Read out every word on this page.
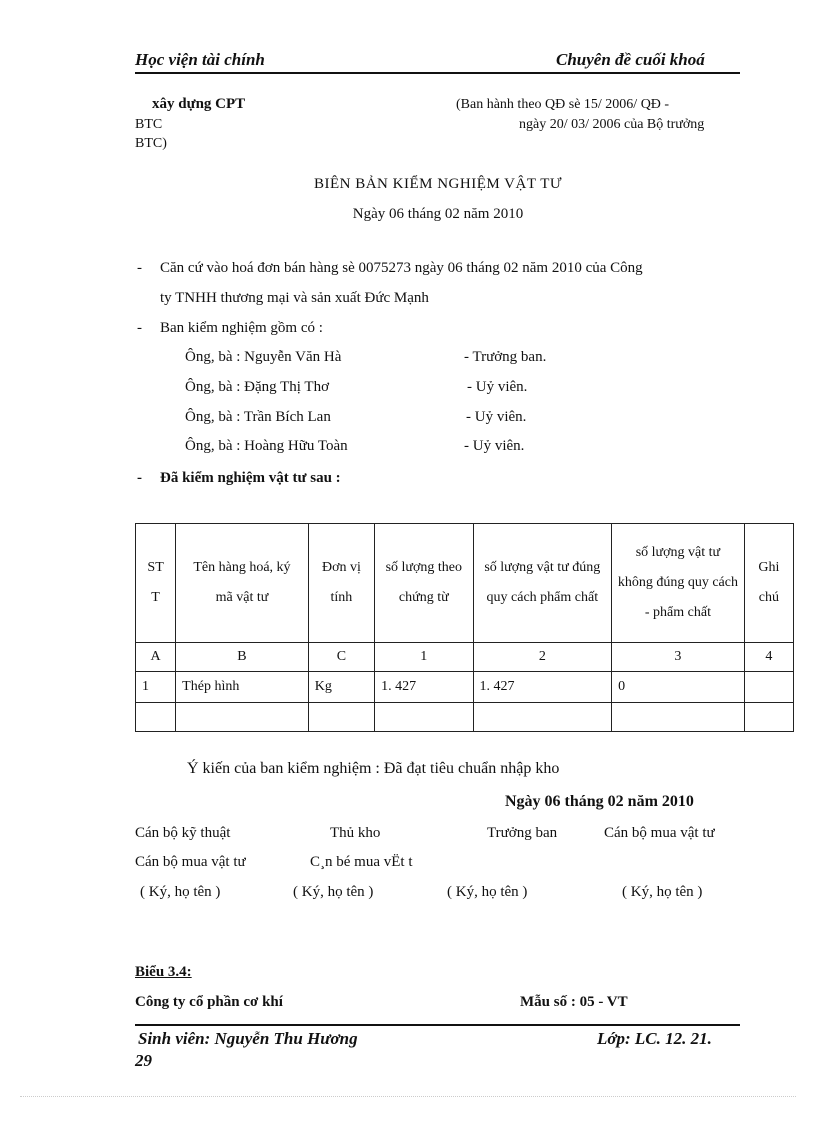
Học viện tài chính	Chuyên đề cuối khoá
xây dựng CPT
BTC
BTC)
(Ban hành theo QĐ sè 15/ 2006/ QĐ -
ngày 20/ 03/ 2006 của Bộ trưởng
BIÊN BẢN KIỂM NGHIỆM VẬT TƯ
Ngày 06 tháng 02 năm 2010
- Căn cứ vào hoá đơn bán hàng sè 0075273 ngày 06 tháng 02 năm 2010 của Công
ty TNHH thương mại và sản xuất Đức Mạnh
- Ban kiểm nghiệm gồm có :
Ông, bà : Nguyễn Văn Hà	- Trưởng ban.
Ông, bà : Đặng Thị Thơ	- Uỷ viên.
Ông, bà : Trần Bích Lan	- Uỷ viên.
Ông, bà : Hoàng Hữu Toàn	- Uỷ viên.
- Đã kiểm nghiệm vật tư sau :
ST T	Tên hàng hoá, ký mã vật tư	Đơn vị tính	số lượng theo chứng từ	số lượng vật tư đúng quy cách phẩm chất	số lượng vật tư không đúng quy cách - phẩm chất	Ghi chú
A	B	C	1	2	3	4
1	Thép hình	Kg	1. 427	1. 427	0	

Ý kiến của ban kiểm nghiệm : Đã đạt tiêu chuẩn nhập kho
Ngày 06 tháng 02 năm 2010
Cán bộ kỹ thuật	Thủ kho	Trưởng ban	Cán bộ mua vật tư
Cán bộ mua vật tư	C¸n bé mua vËt t
( Ký, họ tên )	( Ký, họ tên )	( Ký, họ tên )	( Ký, họ tên )
Biểu 3.4:
Công ty cổ phần cơ khí	Mẫu số : 05 - VT
Sinh viên: Nguyễn Thu Hương	Lớp: LC. 12. 21.
29
